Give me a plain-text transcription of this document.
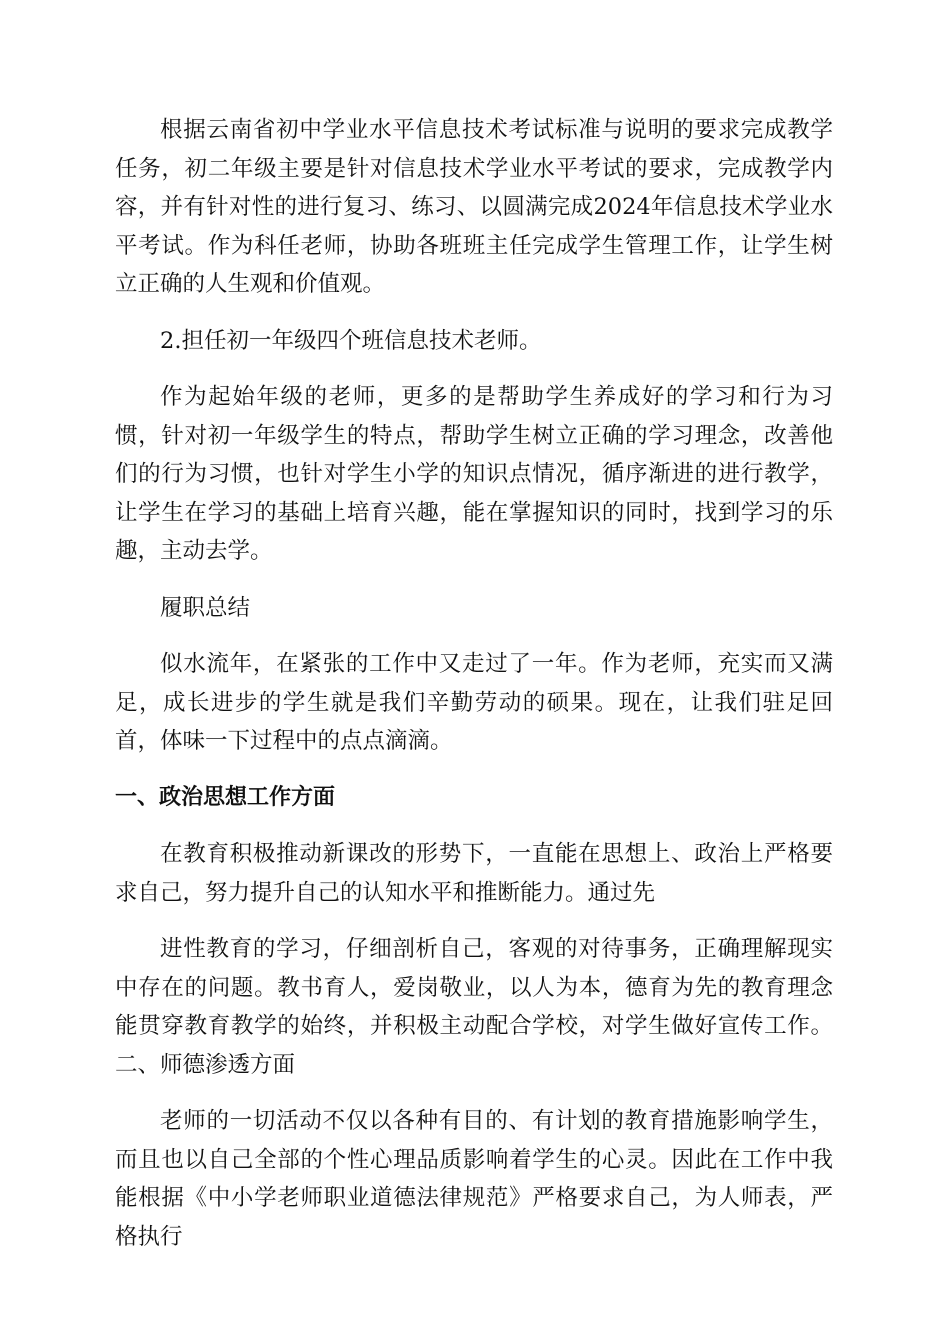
根据云南省初中学业水平信息技术考试标准与说明的要求完成教学任务，初二年级主要是针对信息技术学业水平考试的要求，完成教学内容，并有针对性的进行复习、练习、以圆满完成2024年信息技术学业水平考试。作为科任老师，协助各班班主任完成学生管理工作，让学生树立正确的人生观和价值观。

2.担任初一年级四个班信息技术老师。

作为起始年级的老师，更多的是帮助学生养成好的学习和行为习惯，针对初一年级学生的特点，帮助学生树立正确的学习理念，改善他们的行为习惯，也针对学生小学的知识点情况，循序渐进的进行教学，让学生在学习的基础上培育兴趣，能在掌握知识的同时，找到学习的乐趣，主动去学。

履职总结

似水流年，在紧张的工作中又走过了一年。作为老师，充实而又满足，成长进步的学生就是我们辛勤劳动的硕果。现在，让我们驻足回首，体味一下过程中的点点滴滴。

一、政治思想工作方面

在教育积极推动新课改的形势下，一直能在思想上、政治上严格要求自己，努力提升自己的认知水平和推断能力。通过先

进性教育的学习，仔细剖析自己，客观的对待事务，正确理解现实中存在的问题。教书育人，爱岗敬业，以人为本，德育为先的教育理念能贯穿教育教学的始终，并积极主动配合学校，对学生做好宣传工作。二、师德渗透方面

老师的一切活动不仅以各种有目的、有计划的教育措施影响学生，而且也以自己全部的个性心理品质影响着学生的心灵。因此在工作中我能根据《中小学老师职业道德法律规范》严格要求自己，为人师表，严格执行
